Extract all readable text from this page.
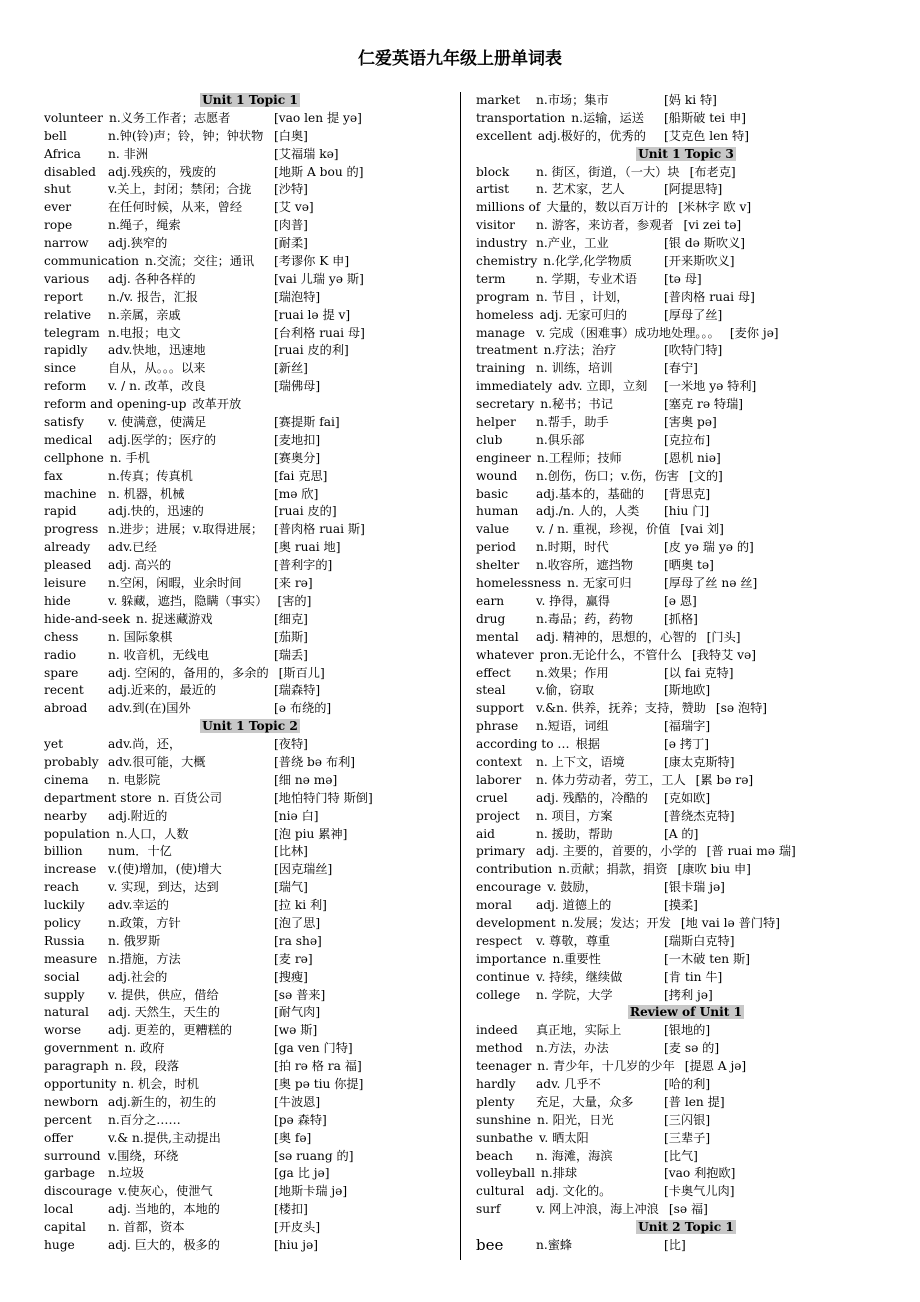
仁爱英语九年级上册单词表
Unit 1 Topic 1
volunteer n.义务工作者；志愿者	[vao len 提 yə]
bell	n.钟(铃)声；铃，钟；钟状物 [白奥]
Africa n. 非洲	[艾福瑞 kə]
disabled adj.残疾的，残废的	[地斯 A bou 的]
shut	v.关上，封闭；禁闭；合拢 [沙特]
ever	在任何时候，从来，曾经	[艾 və]
rope	n.绳子，绳索	[肉普]
narrow adj.狭窄的	[耐柔]
communication n.交流；交往；通讯 [考谬你 K 申]
various adj. 各种各样的	[vai 儿瑞 yə 斯]
report n./v. 报告，汇报	[瑞泡特]
relative n.亲属，亲戚	[ruai lə 提 v]
telegram n.电报；电文	[台利格 ruai 母]
rapidly adv.快地，迅速地	[ruai 皮的利]
since	自从，从。。。以来	[新丝]
reform v. / n. 改革，改良	[瑞佛母]
reform and opening-up 改革开放
satisfy v. 使满意，使满足	[赛提斯 fai]
medical adj.医学的；医疗的	[麦地扣]
cellphone n. 手机	[赛奥分]
fax	n.传真；传真机	[fai 克思]
machine n. 机器，机械	[mə 欣]
rapid	adj.快的，迅速的	[ruai 皮的]
progress n.进步；进展；v.取得进展； [普肉格 ruai 斯]
already adv.已经	[奥 ruai 地]
pleased adj. 高兴的	[普利字的]
leisure n.空闲，闲暇，业余时间	[来 rə]
hide	v. 躲藏，遮挡，隐瞒（事实） [害的]
hide-and-seek n. 捉迷藏游戏	[细克]
chess n. 国际象棋	[茄斯]
radio	n. 收音机，无线电	[瑞丢]
spare adj. 空闲的，备用的，多余的 [斯百儿]
recent adj.近来的，最近的	[瑞森特]
abroad adv.到(在)国外	[ə 布绕的]
Unit 1 Topic 2
yet	adv.尚，还，	[夜特]
probably adv.很可能，大概	[普绕 bə 布利]
cinema n. 电影院	[细 nə mə]
department store n. 百货公司	[地怕特门特 斯倒]
nearby adj.附近的	[niə 白]
population n.人口，人数	[泡 piu 累神]
billion num．十亿	[比林]
increase v.(使)增加，(使)增大	[因克瑞丝]
reach v. 实现，到达，达到	[瑞气]
luckily adv.幸运的	[拉 ki 利]
policy n.政策，方针	[泡了思]
Russia n. 俄罗斯	[ra shə]
measure n.措施，方法	[麦 rə]
social adj.社会的	[搜瘦]
supply v. 提供，供应，借给	[sə 普来]
natural adj. 天然生，天生的	[耐气肉]
worse adj. 更差的，更糟糕的	[wə 斯]
government n. 政府	[ga ven 门特]
paragraph n. 段，段落	[拍 rə 格 ra 福]
opportunity n. 机会，时机	[奥 pə tiu 你提]
newborn adj.新生的，初生的	[牛波恩]
percent n.百分之……	[pə 森特]
offer	v.& n.提供,主动提出	[奥 fə]
surround v.围绕，环绕	[sə ruang 的]
garbage n.垃圾	[ga 比 jə]
discourage v.使灰心，使泄气	[地斯卡瑞 jə]
local	adj. 当地的，本地的	[楼扣]
capital n. 首都，资本	[开皮头]
huge	adj. 巨大的，极多的	[hiu jə]
market n.市场；集市	[妈 ki 特]
transportation n.运输，运送 [船斯破 tei 申]
excellent adj.极好的，优秀的 [艾克色 len 特]
Unit 1 Topic 3
block n. 街区，街道，（一大）块 [布老克]
artist n. 艺术家，艺人	[阿提思特]
millions of 大量的，数以百万计的 [米林字 欧 v]
visitor n. 游客，来访者，参观者 [vi zei tə]
industry n.产业，工业	[银 də 斯吹义]
chemistry n.化学,化学物质	[开来斯吹义]
term	n. 学期，专业术语 [tə 母]
program n. 节目 ，计划，	[普肉格 ruai 母]
homeless adj. 无家可归的	[厚母了丝]
manage v. 完成（困难事）成功地处理。。。 [麦你 jə]
treatment n.疗法；治疗	[吹特门特]
training n. 训练，培训	[春宁]
immediately adv. 立即，立刻 [一米地 yə 特利]
secretary n.秘书；书记	[塞克 rə 特瑞]
helper n.帮手，助手	[害奥 pə]
club	n.俱乐部	[克拉布]
engineer n.工程师；技师	[恩机 niə]
wound n.创伤，伤口；v.伤，伤害 [文的]
basic adj.基本的，基础的 [背思克]
human adj./n. 人的，人类 [hiu 门]
value v. / n. 重视，珍视，价值 [vai 刘]
period n.时期，时代	[皮 yə 瑞 yə 的]
shelter n.收容所，遮挡物	[晒奥 tə]
homelessness n. 无家可归	[厚母了丝 nə 丝]
earn	v. 挣得，赢得	[ə 恩]
drug	n.毒品；药，药物	[抓格]
mental adj. 精神的，思想的，心智的 [门头]
whatever pron.无论什么，不管什么 [我特艾 və]
effect n.效果；作用	[以 fai 克特]
steal v.偷，窃取	[斯地欧]
support v.&n. 供养，抚养；支持，赞助 [sə 泡特]
phrase n.短语，词组	[福瑞字]
according to … 根据	[ə 拷丁]
context n. 上下文，语境	[康太克斯特]
laborer n. 体力劳动者，劳工，工人 [累 bə rə]
cruel adj. 残酷的，冷酷的 [克如欧]
project n. 项目，方案	[普绕杰克特]
aid	n. 援助，帮助	[A 的]
primary adj. 主要的，首要的，小学的 [普 ruai mə 瑞]
contribution n.贡献；捐款，捐资 [康吹 biu 申]
encourage v. 鼓励，	[银卡瑞 jə]
moral adj. 道德上的	[摸柔]
development n.发展；发达；开发 [地 vai lə 普门特]
respect v. 尊敬，尊重	[瑞斯白克特]
importance n.重要性	[一木破 ten 斯]
continue v. 持续，继续做	[肯 tin 牛]
college n. 学院，大学	[拷利 jə]
Review of Unit 1
indeed 真正地，实际上	[银地的]
method n.方法，办法	[麦 sə 的]
teenager n. 青少年，十几岁的少年 [提恩 A jə]
hardly adv. 几乎不	[哈的利]
plenty 充足，大量，众多	[普 len 提]
sunshine n. 阳光，日光	[三闪银]
sunbathe v. 晒太阳	[三辈子]
beach n. 海滩，海滨	[比气]
volleyball n.排球	[vao 利抱欧]
cultural adj. 文化的。	[卡奥气儿肉]
surf	v. 网上冲浪，海上冲浪 [sə 福]
Unit 2 Topic 1
bee	n.蜜蜂	[比]
